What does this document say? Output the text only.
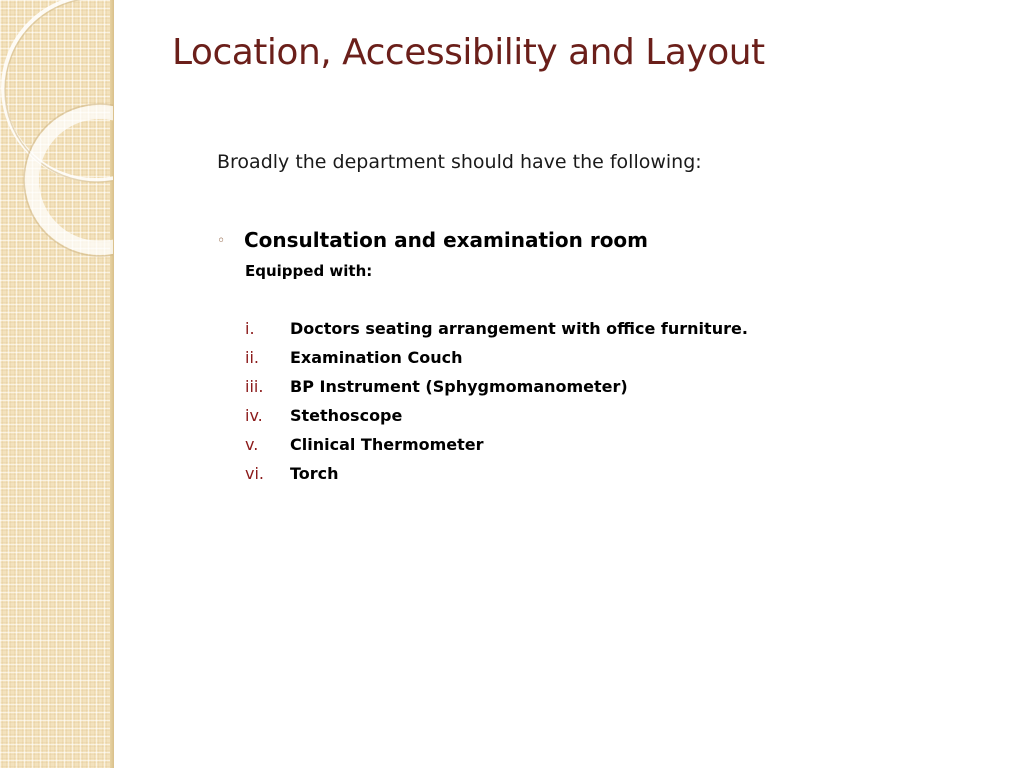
Location, Accessibility and Layout

Broadly the department should have the following:

◦ Consultation and examination room
Equipped with:
i.	Doctors seating arrangement with office furniture.
ii.	Examination Couch
iii.	BP Instrument (Sphygmomanometer)
iv.	Stethoscope
v.	Clinical Thermometer
vi.	Torch
